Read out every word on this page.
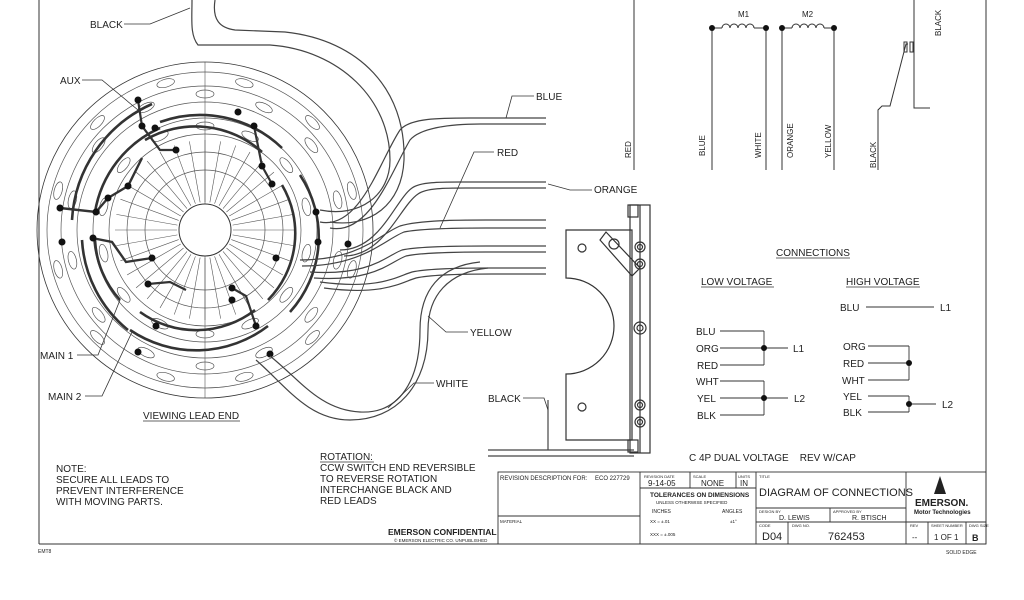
BLACK
AUX
BLUE
RED
ORANGE
YELLOW
WHITE
MAIN 1
MAIN 2	BLACK
VIEWING LEAD END
NOTE:
SECURE ALL LEADS TO
PREVENT INTERFERENCE
WITH MOVING PARTS.
ROTATION:
CCW SWITCH END REVERSIBLE
TO REVERSE ROTATION
INTERCHANGE BLACK AND
RED LEADS
M1	M2
RED	BLUE	WHITE	ORANGE	YELLOW	BLACK
BLACK
CONNECTIONS
LOW VOLTAGE	HIGH VOLTAGE
BLU
ORG
RED
L1
WHT
YEL
BLK
L2
BLU	L1
ORG
RED
WHT
YEL
BLK
L2
C 4P DUAL VOLTAGE    REV W/CAP
EMERSON CONFIDENTIAL
© EMERSON ELECTRIC CO. UNPUBLISHED
REVISION DESCRIPTION FOR: ECO 227729
MATERIAL
REVISION DATE
9-14-05
SCALE
NONE
UNITS
IN
TOLERANCES ON DIMENSIONS
UNLESS OTHERWISE SPECIFIED
INCHES	ANGLES
XX = ±.01
XXX = ±.005
±1°
TITLE
DIAGRAM OF CONNECTIONS
DESIGN BY
D. LEWIS
APPROVED BY
R. BTISCH
CODE
D04
DWG NO.
762453
REV
--
SHEET NUMBER
1 OF 1
DWG SIZE
B
EMERSON.
Motor Technologies
EMT8	SOLID EDGE
